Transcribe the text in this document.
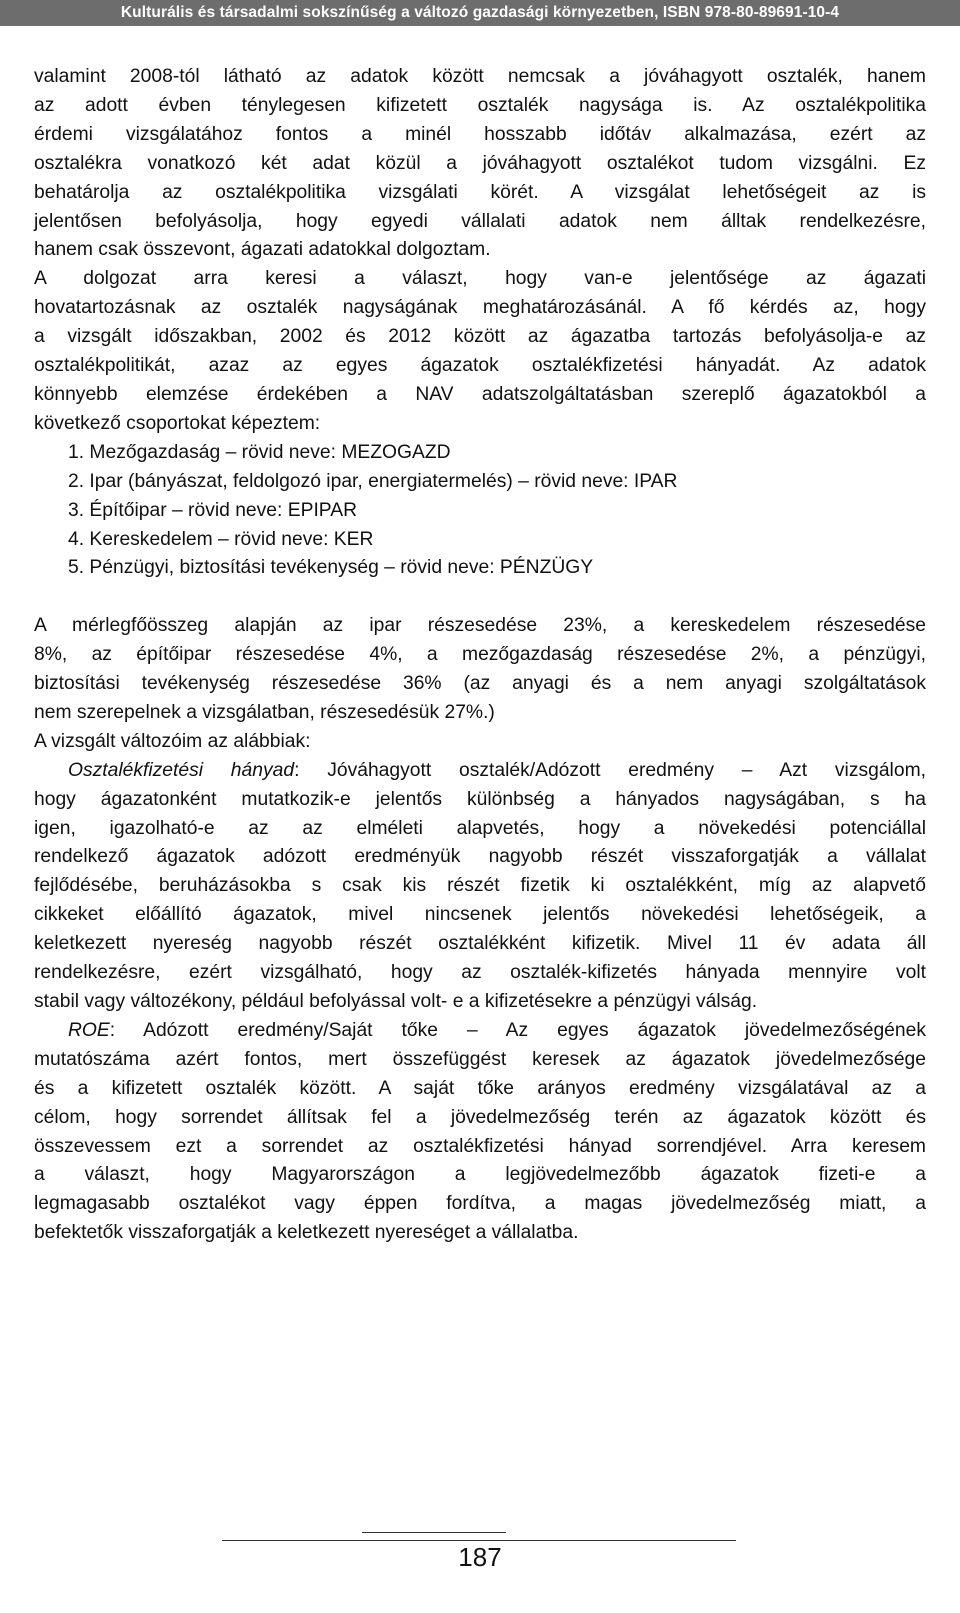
Kulturális és társadalmi sokszínűség a változó gazdasági környezetben, ISBN 978-80-89691-10-4

valamint 2008-tól látható az adatok között nemcsak a jóváhagyott osztalék, hanem

az adott évben ténylegesen kifizetett osztalék nagysága is. Az osztalékpolitika

érdemi vizsgálatához fontos a minél hosszabb időtáv alkalmazása, ezért az

osztalékra vonatkozó két adat közül a jóváhagyott osztalékot tudom vizsgálni. Ez

behatárolja az osztalékpolitika vizsgálati körét. A vizsgálat lehetőségeit az is

jelentősen befolyásolja, hogy egyedi vállalati adatok nem álltak rendelkezésre,

hanem csak összevont, ágazati adatokkal dolgoztam.

A dolgozat arra keresi a választ, hogy van-e jelentősége az ágazati

hovatartozásnak az osztalék nagyságának meghatározásánál. A fő kérdés az, hogy

a vizsgált időszakban, 2002 és 2012 között az ágazatba tartozás befolyásolja-e az

osztalékpolitikát, azaz az egyes ágazatok osztalékfizetési hányadát. Az adatok

könnyebb elemzése érdekében a NAV adatszolgáltatásban szereplő ágazatokból a

következő csoportokat képeztem:

1. Mezőgazdaság – rövid neve: MEZOGAZD

2. Ipar (bányászat, feldolgozó ipar, energiatermelés) – rövid neve: IPAR

3. Építőipar – rövid neve: EPIPAR

4. Kereskedelem – rövid neve: KER

5. Pénzügyi, biztosítási tevékenység – rövid neve: PÉNZÜGY

A mérlegfőösszeg alapján az ipar részesedése 23%, a kereskedelem részesedése

8%, az építőipar részesedése 4%, a mezőgazdaság részesedése 2%, a pénzügyi,

biztosítási tevékenység részesedése 36% (az anyagi és a nem anyagi szolgáltatások

nem szerepelnek a vizsgálatban, részesedésük 27%.)

A vizsgált változóim az alábbiak:

Osztalékfizetési hányad: Jóváhagyott osztalék/Adózott eredmény – Azt vizsgálom,

hogy ágazatonként mutatkozik-e jelentős különbség a hányados nagyságában, s ha

igen, igazolható-e az az elméleti alapvetés, hogy a növekedési potenciállal

rendelkező ágazatok adózott eredményük nagyobb részét visszaforgatják a vállalat

fejlődésébe, beruházásokba s csak kis részét fizetik ki osztalékként, míg az alapvető

cikkeket előállító ágazatok, mivel nincsenek jelentős növekedési lehetőségeik, a

keletkezett nyereség nagyobb részét osztalékként kifizetik. Mivel 11 év adata áll

rendelkezésre, ezért vizsgálható, hogy az osztalék-kifizetés hányada mennyire volt

stabil vagy változékony, például befolyással volt- e a kifizetésekre a pénzügyi válság.

ROE: Adózott eredmény/Saját tőke – Az egyes ágazatok jövedelmezőségének

mutatószáma azért fontos, mert összefüggést keresek az ágazatok jövedelmezősége

és a kifizetett osztalék között. A saját tőke arányos eredmény vizsgálatával az a

célom, hogy sorrendet állítsak fel a jövedelmezőség terén az ágazatok között és

összevessem ezt a sorrendet az osztalékfizetési hányad sorrendjével. Arra keresem

a választ, hogy Magyarországon a legjövedelmezőbb ágazatok fizeti-e a

legmagasabb osztalékot vagy éppen fordítva, a magas jövedelmezőség miatt, a

befektetők visszaforgatják a keletkezett nyereséget a vállalatba.

187
